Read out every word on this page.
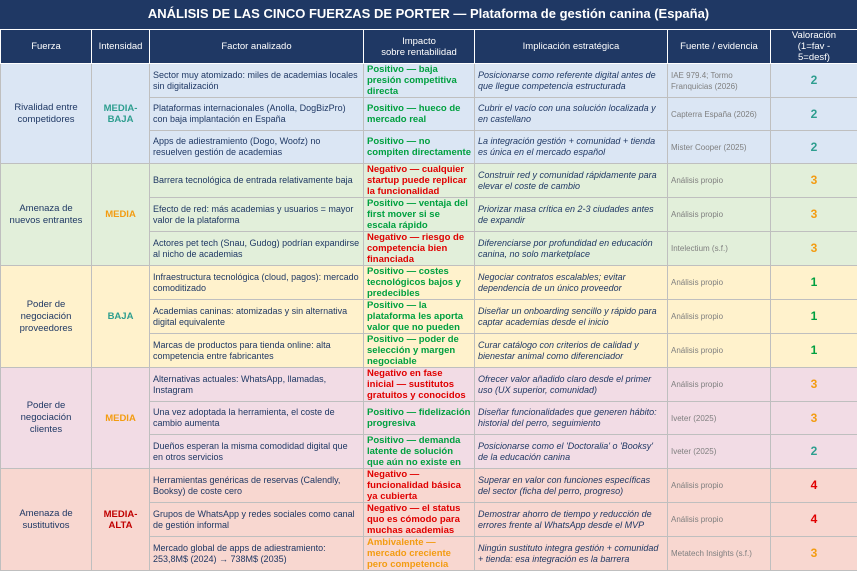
ANÁLISIS DE LAS CINCO FUERZAS DE PORTER — Plataforma de gestión canina (España)
Fuerza	Intensidad	Factor analizado	Impacto
sobre rentabilidad	Implicación estratégica	Fuente / evidencia	Valoración
(1=fav -
5=desf)
Rivalidad entre competidores	MEDIA-BAJA	Sector muy atomizado: miles de academias locales sin digitalización	Positivo — baja presión competitiva directa	Posicionarse como referente digital antes de que llegue competencia estructurada	IAE 979.4; Tormo Franquicias (2026)	2
		Plataformas internacionales (Anolla, DogBizPro) con baja implantación en España	Positivo — hueco de mercado real	Cubrir el vacío con una solución localizada y en castellano	Capterra España (2026)	2
		Apps de adiestramiento (Dogo, Woofz) no resuelven gestión de academias	Positivo — no compiten directamente	La integración gestión + comunidad + tienda es única en el mercado español	Mister Cooper (2025)	2
Amenaza de nuevos entrantes	MEDIA	Barrera tecnológica de entrada relativamente baja	Negativo — cualquier startup puede replicar la funcionalidad	Construir red y comunidad rápidamente para elevar el coste de cambio	Análisis propio	3
		Efecto de red: más academias y usuarios = mayor valor de la plataforma	Positivo — ventaja del first mover si se escala rápido	Priorizar masa crítica en 2-3 ciudades antes de expandir	Análisis propio	3
		Actores pet tech (Snau, Gudog) podrían expandirse al nicho de academias	Negativo — riesgo de competencia bien financiada	Diferenciarse por profundidad en educación canina, no solo marketplace	Intelectium (s.f.)	3
Poder de negociación proveedores	BAJA	Infraestructura tecnológica (cloud, pagos): mercado comoditizado	Positivo — costes tecnológicos bajos y predecibles	Negociar contratos escalables; evitar dependencia de un único proveedor	Análisis propio	1
		Academias caninas: atomizadas y sin alternativa digital equivalente	Positivo — la plataforma les aporta valor que no pueden	Diseñar un onboarding sencillo y rápido para captar academias desde el inicio	Análisis propio	1
		Marcas de productos para tienda online: alta competencia entre fabricantes	Positivo — poder de selección y margen negociable	Curar catálogo con criterios de calidad y bienestar animal como diferenciador	Análisis propio	1
Poder de negociación clientes	MEDIA	Alternativas actuales: WhatsApp, llamadas, Instagram	Negativo en fase inicial — sustitutos gratuitos y conocidos	Ofrecer valor añadido claro desde el primer uso (UX superior, comunidad)	Análisis propio	3
		Una vez adoptada la herramienta, el coste de cambio aumenta	Positivo — fidelización progresiva	Diseñar funcionalidades que generen hábito: historial del perro, seguimiento	Iveter (2025)	3
		Dueños esperan la misma comodidad digital que en otros servicios	Positivo — demanda latente de solución que aún no existe en	Posicionarse como el 'Doctoralia' o 'Booksy' de la educación canina	Iveter (2025)	2
Amenaza de sustitutivos	MEDIA-ALTA	Herramientas genéricas de reservas (Calendly, Booksy) de coste cero	Negativo — funcionalidad básica ya cubierta	Superar en valor con funciones específicas del sector (ficha del perro, progreso)	Análisis propio	4
		Grupos de WhatsApp y redes sociales como canal de gestión informal	Negativo — el status quo es cómodo para muchas academias	Demostrar ahorro de tiempo y reducción de errores frente al WhatsApp desde el MVP	Análisis propio	4
		Mercado global de apps de adiestramiento: 253,8M$ (2024) → 738M$ (2035)	Ambivalente — mercado creciente pero competencia	Ningún sustituto integra gestión + comunidad + tienda: esa integración es la barrera	Metatech Insights (s.f.)	3
